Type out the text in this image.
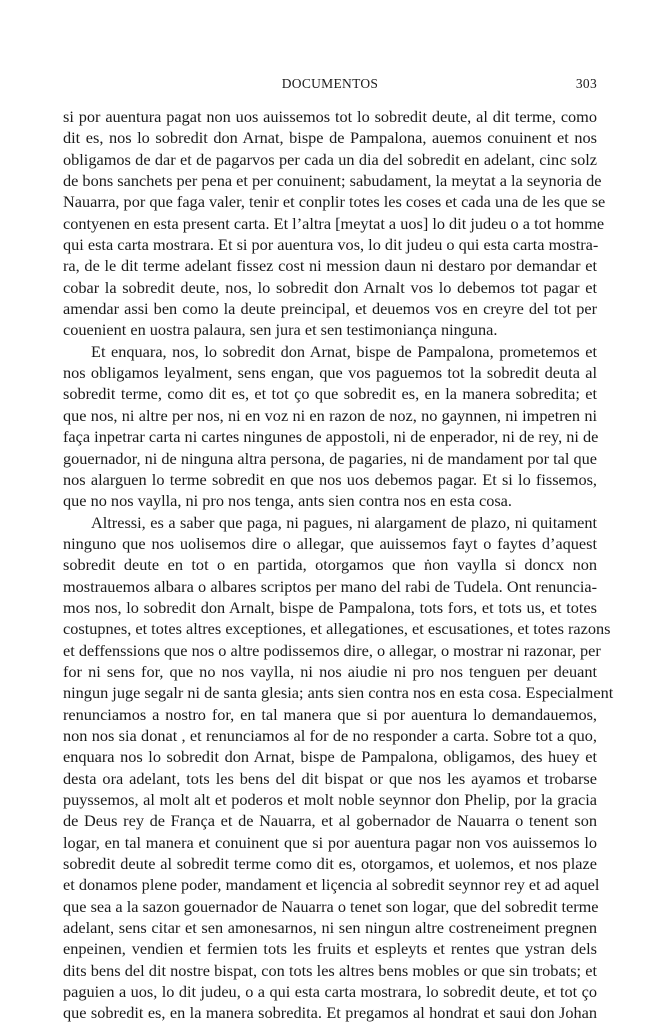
DOCUMENTOS	303
si por auentura pagat non uos auissemos tot lo sobredit deute, al dit terme, como
dit es, nos lo sobredit don Arnat, bispe de Pampalona, auemos conuinent et nos
obligamos de dar et de pagarvos per cada un dia del sobredit en adelant, cinc solz
de bons sanchets per pena et per conuinent; sabudament, la meytat a la seynoria de
Nauarra, por que faga valer, tenir et conplir totes les coses et cada una de les que se
contyenen en esta present carta. Et l’altra [meytat a uos] lo dit judeu o a tot homme
qui esta carta mostrara. Et si por auentura vos, lo dit judeu o qui esta carta mostra-
ra, de le dit terme adelant fissez cost ni mession daun ni destaro por demandar et
cobar la sobredit deute, nos, lo sobredit don Arnalt vos lo debemos tot pagar et
amendar assi ben como la deute preincipal, et deuemos vos en creyre del tot per
couenient en uostra palaura, sen jura et sen testimoniança ninguna.
Et enquara, nos, lo sobredit don Arnat, bispe de Pampalona, prometemos et
nos obligamos leyalment, sens engan, que vos paguemos tot la sobredit deuta al
sobredit terme, como dit es, et tot ço que sobredit es, en la manera sobredita; et
que nos, ni altre per nos, ni en voz ni en razon de noz, no gaynnen, ni impetren ni
faça inpetrar carta ni cartes ningunes de appostoli, ni de enperador, ni de rey, ni de
gouernador, ni de ninguna altra persona, de pagaries, ni de mandament por tal que
nos alarguen lo terme sobredit en que nos uos debemos pagar. Et si lo fissemos,
que no nos vaylla, ni pro nos tenga, ants sien contra nos en esta cosa.
Altressi, es a saber que paga, ni pagues, ni alargament de plazo, ni quitament
ninguno que nos uolisemos dire o allegar, que auissemos fayt o faytes d’aquest
sobredit deute en tot o en partida, otorgamos que ṅon vaylla si doncx non
mostrauemos albara o albares scriptos per mano del rabi de Tudela. Ont renuncia-
mos nos, lo sobredit don Arnalt, bispe de Pampalona, tots fors, et tots us, et totes
costupnes, et totes altres exceptiones, et allegationes, et escusationes, et totes razons
et deffenssions que nos o altre podissemos dire, o allegar, o mostrar ni razonar, per
for ni sens for, que no nos vaylla, ni nos aiudie ni pro nos tenguen per deuant
ningun juge segalr ni de santa glesia; ants sien contra nos en esta cosa. Especialment
renunciamos a nostro for, en tal manera que si por auentura lo demandauemos,
non nos sia donat , et renunciamos al for de no responder a carta. Sobre tot a quo,
enquara nos lo sobredit don Arnat, bispe de Pampalona, obligamos, des huey et
desta ora adelant, tots les bens del dit bispat or que nos les ayamos et trobarse
puyssemos, al molt alt et poderos et molt noble seynnor don Phelip, por la gracia
de Deus rey de França et de Nauarra, et al gobernador de Nauarra o tenent son
logar, en tal manera et conuinent que si por auentura pagar non vos auissemos lo
sobredit deute al sobredit terme como dit es, otorgamos, et uolemos, et nos plaze
et donamos plene poder, mandament et liçencia al sobredit seynnor rey et ad aquel
que sea a la sazon gouernador de Nauarra o tenet son logar, que del sobredit terme
adelant, sens citar et sen amonesarnos, ni sen ningun altre costreneiment pregnen
enpeinen, vendien et fermien tots les fruits et espleyts et rentes que ystran dels
dits bens del dit nostre bispat, con tots les altres bens mobles or que sin trobats; et
paguien a uos, lo dit judeu, o a qui esta carta mostrara, lo sobredit deute, et tot ço
que sobredit es, en la manera sobredita. Et pregamos al hondrat et saui don Johan
